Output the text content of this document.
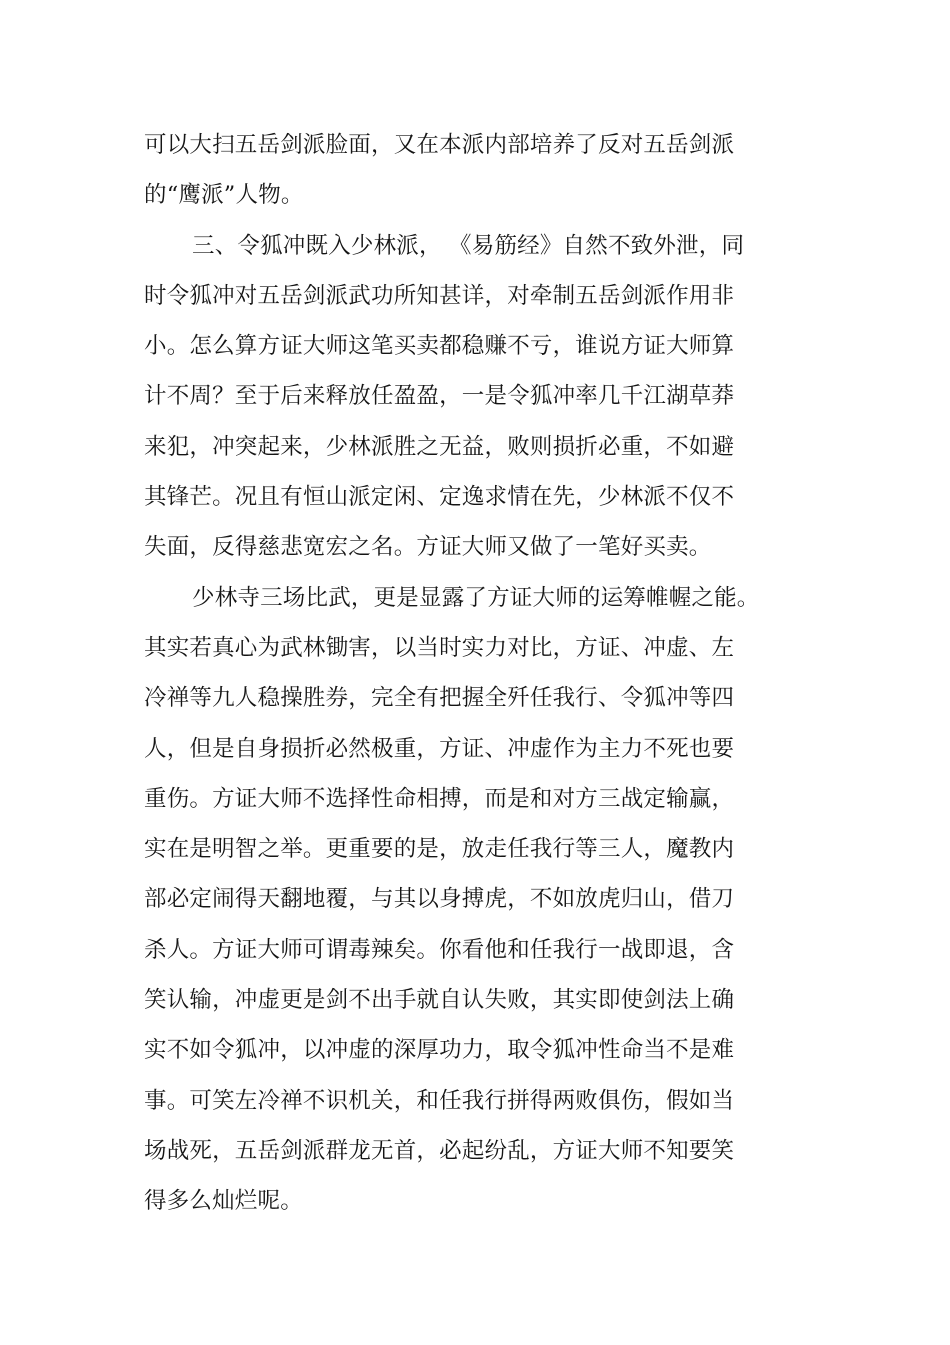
可以大扫五岳剑派脸面，又在本派内部培养了反对五岳剑派
的“鹰派”人物。
三、令狐冲既入少林派， 《易筋经》自然不致外泄，同
时令狐冲对五岳剑派武功所知甚详，对牵制五岳剑派作用非
小。怎么算方证大师这笔买卖都稳赚不亏，谁说方证大师算
计不周？至于后来释放任盈盈，一是令狐冲率几千江湖草莽
来犯，冲突起来，少林派胜之无益，败则损折必重，不如避
其锋芒。况且有恒山派定闲、定逸求情在先，少林派不仅不
失面，反得慈悲宽宏之名。方证大师又做了一笔好买卖。
少林寺三场比武，更是显露了方证大师的运筹帷幄之能。
其实若真心为武林锄害，以当时实力对比，方证、冲虚、左
冷禅等九人稳操胜券，完全有把握全歼任我行、令狐冲等四
人，但是自身损折必然极重，方证、冲虚作为主力不死也要
重伤。方证大师不选择性命相搏，而是和对方三战定输赢，
实在是明智之举。更重要的是，放走任我行等三人，魔教内
部必定闹得天翻地覆，与其以身搏虎，不如放虎归山，借刀
杀人。方证大师可谓毒辣矣。你看他和任我行一战即退，含
笑认输，冲虚更是剑不出手就自认失败，其实即使剑法上确
实不如令狐冲，以冲虚的深厚功力，取令狐冲性命当不是难
事。可笑左冷禅不识机关，和任我行拼得两败俱伤，假如当
场战死，五岳剑派群龙无首，必起纷乱，方证大师不知要笑
得多么灿烂呢。
